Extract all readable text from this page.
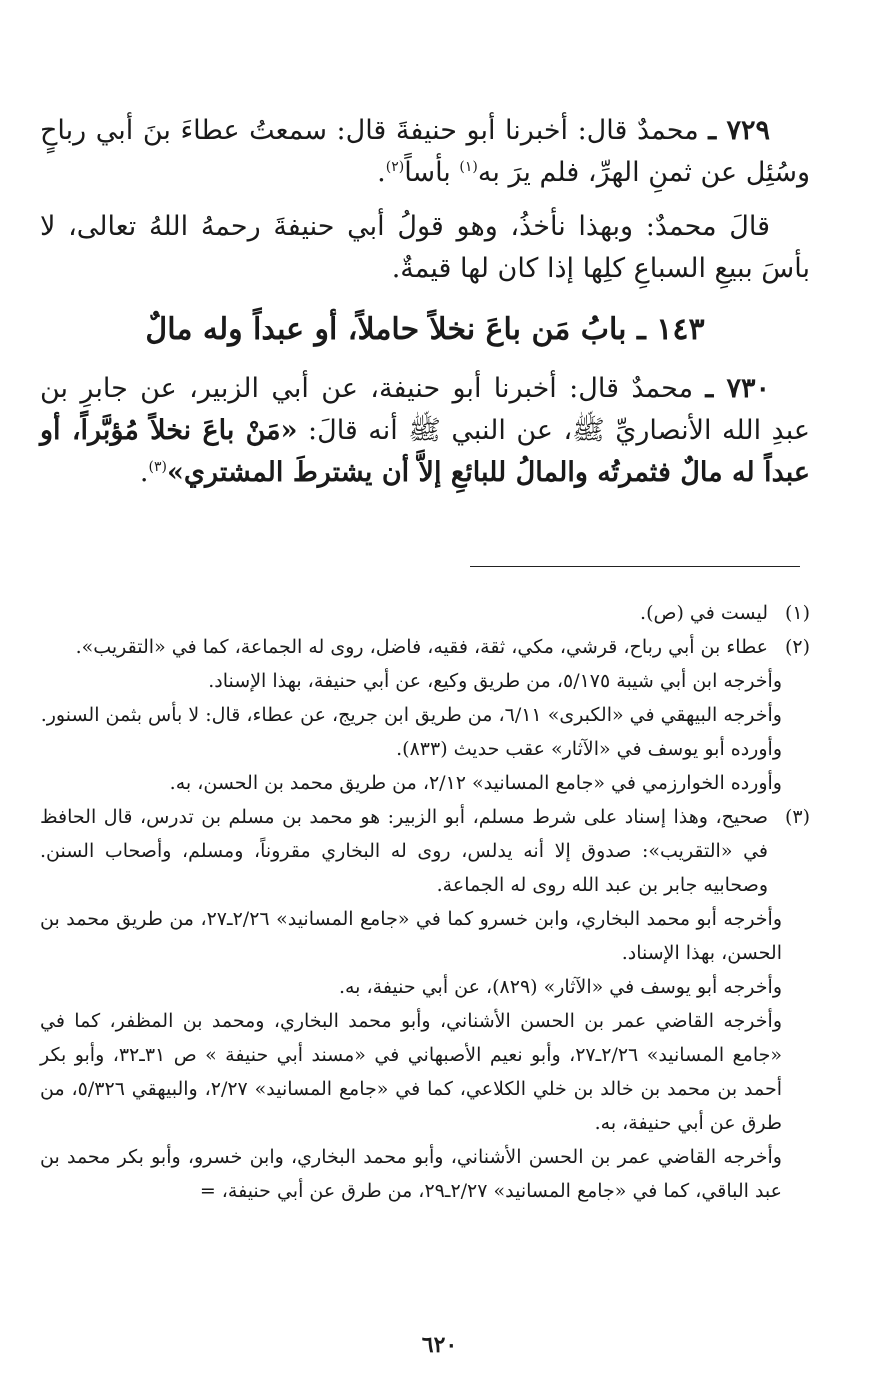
٧٢٩ ـ محمدٌ قال: أخبرنا أبو حنيفةَ قال: سمعتُ عطاءَ بنَ أبي رباحٍ وسُئِل عن ثمنِ الهرِّ، فلم يرَ به$^{(١)}$ بأساً$^{(٢)}$.

قالَ محمدٌ: وبهذا نأخذُ، وهو قولُ أبي حنيفةَ رحمهُ اللهُ تعالى، لا بأسَ ببيعِ السباعِ كلِها إذا كان لها قيمةٌ.

١٤٣ ـ بابُ مَن باعَ نخلاً حاملاً، أو عبداً وله مالٌ

٧٣٠ ـ محمدٌ قال: أخبرنا أبو حنيفة، عن أبي الزبير، عن جابرِ بن عبدِ الله الأنصاريِّ ﷺ، عن النبي ﷺ أنه قالَ: «مَنْ باعَ نخلاً مُؤبَّراً، أو عبداً له مالٌ فثمرتُه والمالُ للبائعِ إلاَّ أن يشترطَ المشتري»$^{(٣)}$.

(١)ليست في (ص).

(٢)عطاء بن أبي رباح، قرشي، مكي، ثقة، فقيه، فاضل، روى له الجماعة، كما في «التقريب».

وأخرجه ابن أبي شيبة ٥/١٧٥، من طريق وكيع، عن أبي حنيفة، بهذا الإسناد.

وأخرجه البيهقي في «الكبرى» ٦/١١، من طريق ابن جريج، عن عطاء، قال: لا بأس بثمن السنور.

وأورده أبو يوسف في «الآثار» عقب حديث (٨٣٣).

وأورده الخوارزمي في «جامع المسانيد» ٢/١٢، من طريق محمد بن الحسن، به.

(٣)صحيح، وهذا إسناد على شرط مسلم، أبو الزبير: هو محمد بن مسلم بن تدرس، قال الحافظ في «التقريب»: صدوق إلا أنه يدلس، روى له البخاري مقروناً، ومسلم، وأصحاب السنن. وصحابيه جابر بن عبد الله روى له الجماعة.

وأخرجه أبو محمد البخاري، وابن خسرو كما في «جامع المسانيد» ٢/٢٦ـ٢٧، من طريق محمد بن الحسن، بهذا الإسناد.

وأخرجه أبو يوسف في «الآثار» (٨٢٩)، عن أبي حنيفة، به.

وأخرجه القاضي عمر بن الحسن الأشناني، وأبو محمد البخاري، ومحمد بن المظفر، كما في «جامع المسانيد» ٢/٢٦ـ٢٧، وأبو نعيم الأصبهاني في «مسند أبي حنيفة » ص ٣١ـ٣٢، وأبو بكر أحمد بن محمد بن خالد بن خلي الكلاعي، كما في «جامع المسانيد» ٢/٢٧، والبيهقي ٥/٣٢٦، من طرق عن أبي حنيفة، به.

وأخرجه القاضي عمر بن الحسن الأشناني، وأبو محمد البخاري، وابن خسرو، وأبو بكر محمد بن عبد الباقي، كما في «جامع المسانيد» ٢/٢٧ـ٢٩، من طرق عن أبي حنيفة، =

٦٢٠
